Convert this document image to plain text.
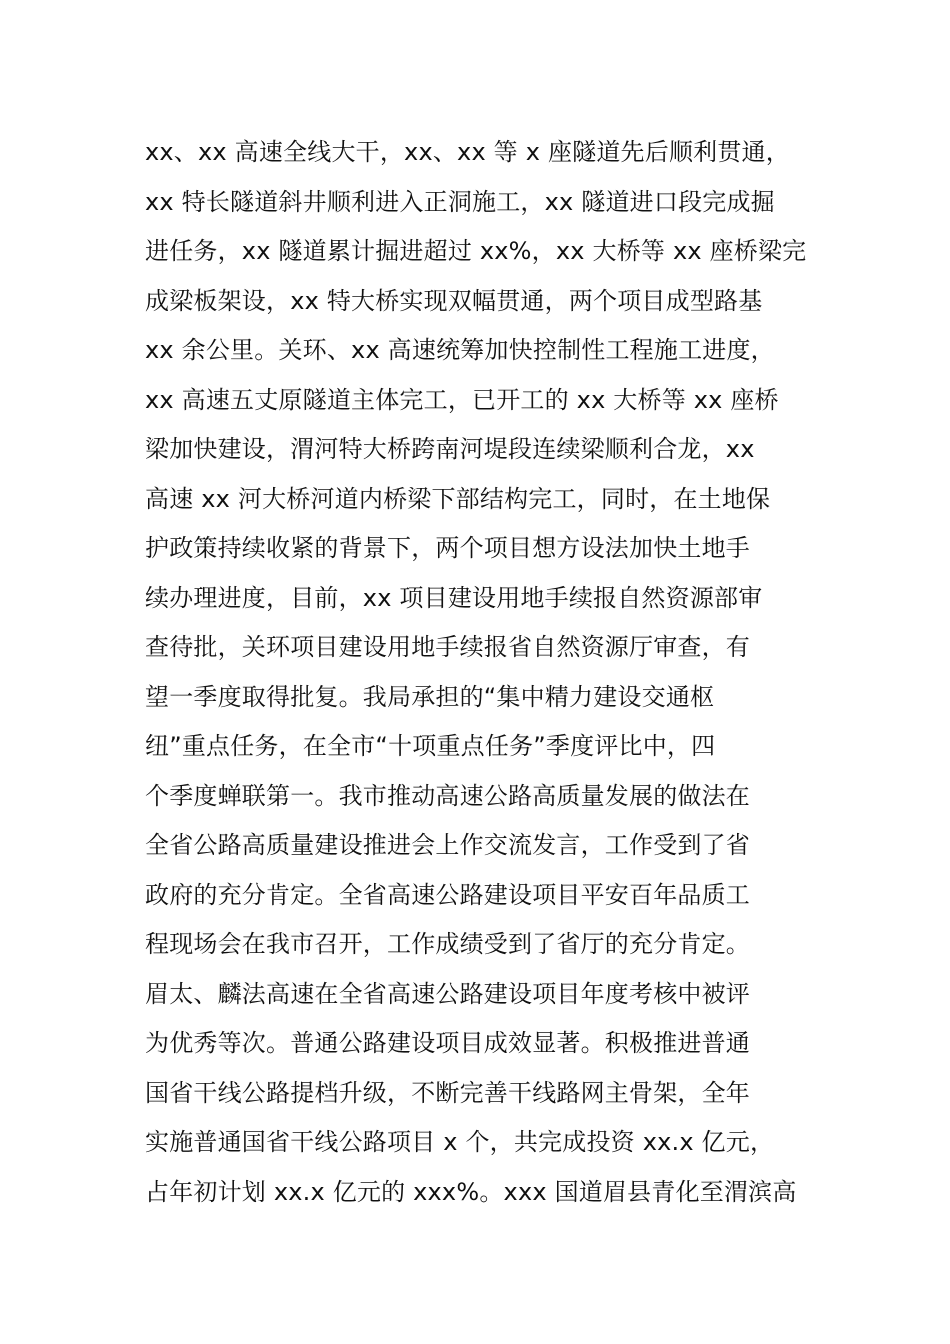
xx、xx 高速全线大干，xx、xx 等 x 座隧道先后顺利贯通，
xx 特长隧道斜井顺利进入正洞施工，xx 隧道进口段完成掘
进任务，xx 隧道累计掘进超过 xx%，xx 大桥等 xx 座桥梁完
成梁板架设，xx 特大桥实现双幅贯通，两个项目成型路基
xx 余公里。关环、xx 高速统筹加快控制性工程施工进度，
xx 高速五丈原隧道主体完工，已开工的 xx 大桥等 xx 座桥
梁加快建设，渭河特大桥跨南河堤段连续梁顺利合龙，xx
高速 xx 河大桥河道内桥梁下部结构完工，同时，在土地保
护政策持续收紧的背景下，两个项目想方设法加快土地手
续办理进度，目前，xx 项目建设用地手续报自然资源部审
查待批，关环项目建设用地手续报省自然资源厅审查，有
望一季度取得批复。我局承担的“集中精力建设交通枢
纽”重点任务，在全市“十项重点任务”季度评比中，四
个季度蝉联第一。我市推动高速公路高质量发展的做法在
全省公路高质量建设推进会上作交流发言，工作受到了省
政府的充分肯定。全省高速公路建设项目平安百年品质工
程现场会在我市召开，工作成绩受到了省厅的充分肯定。
眉太、麟法高速在全省高速公路建设项目年度考核中被评
为优秀等次。普通公路建设项目成效显著。积极推进普通
国省干线公路提档升级，不断完善干线路网主骨架，全年
实施普通国省干线公路项目 x 个，共完成投资 xx.x 亿元，
占年初计划 xx.x 亿元的 xxx%。xxx 国道眉县青化至渭滨高
